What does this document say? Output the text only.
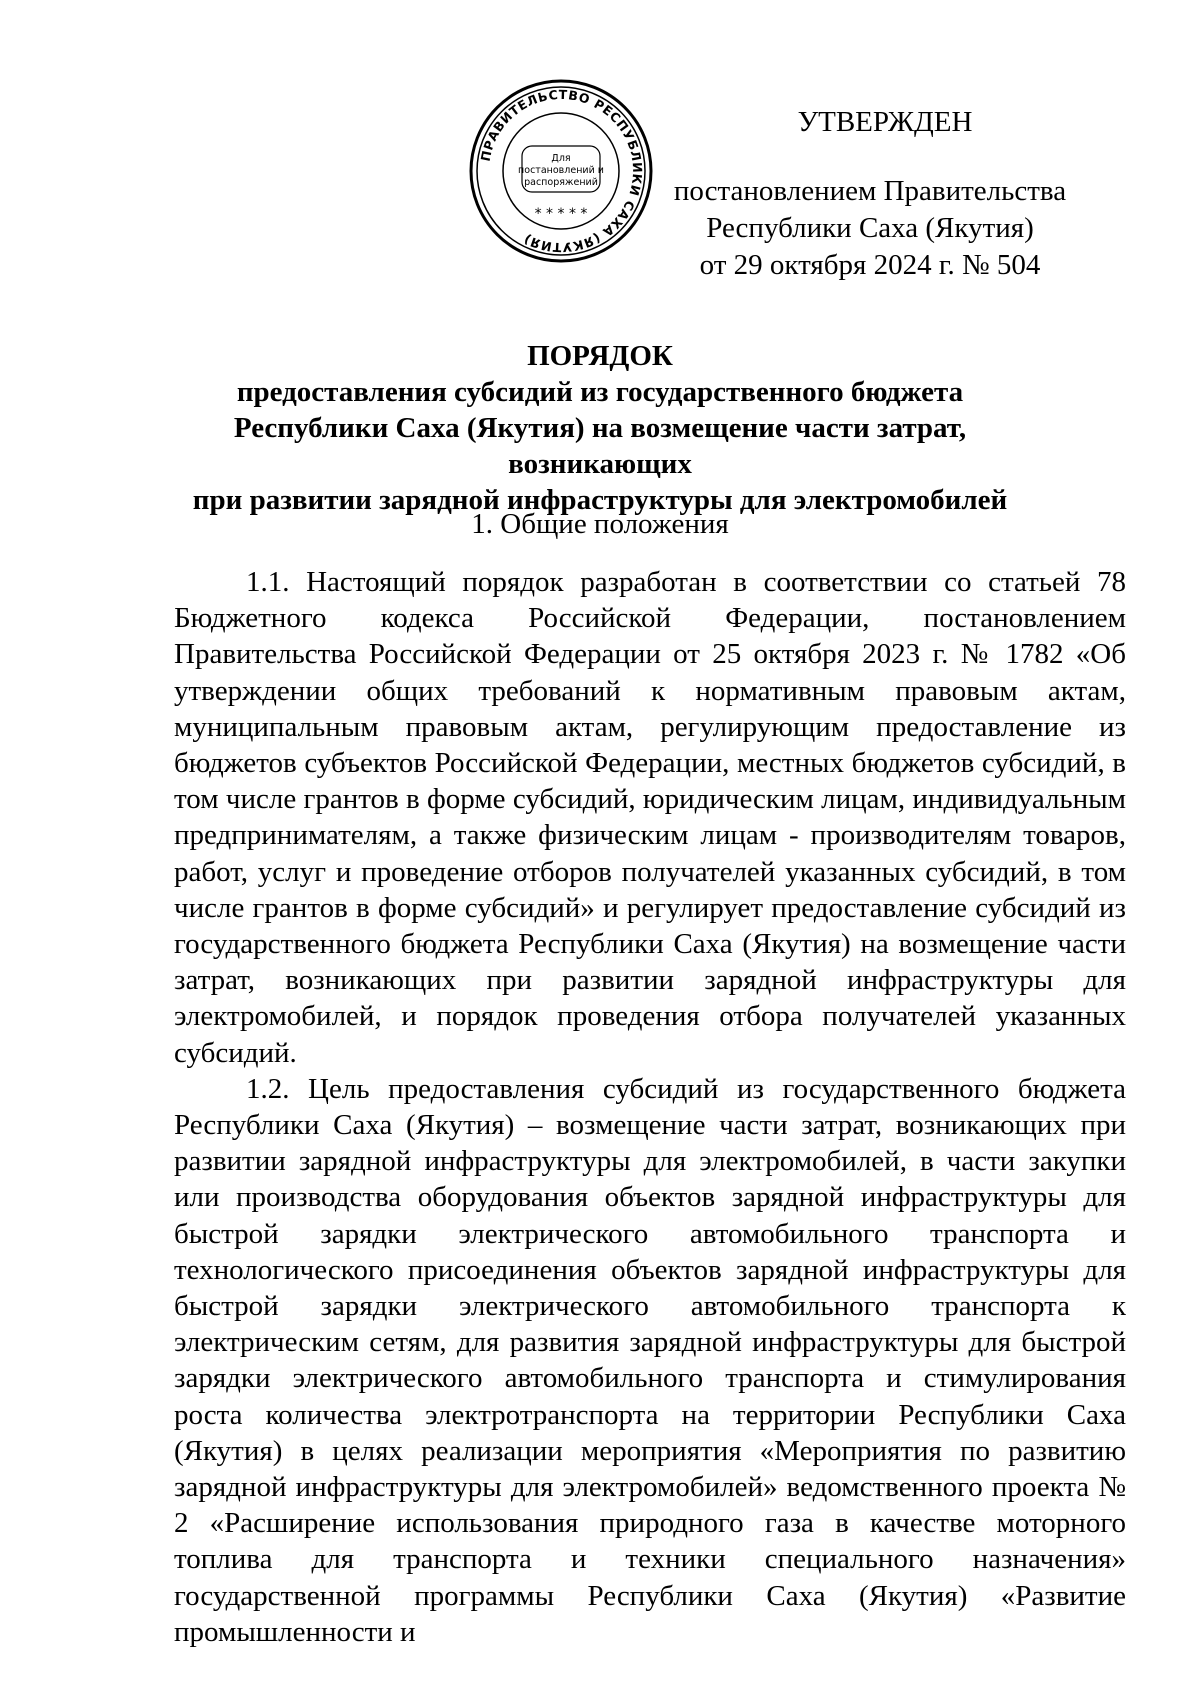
ПРАВИТЕЛЬСТВО РЕСПУБЛИКИ САХА (ЯКУТИЯ)
Для
постановлений и
распоряжений
* * * * *
УТВЕРЖДЕН
постановлением Правительства
Республики Саха (Якутия)
от 29 октября 2024 г. № 504
ПОРЯДОК
предоставления субсидий из государственного бюджета
Республики Саха (Якутия) на возмещение части затрат, возникающих
при развитии зарядной инфраструктуры для электромобилей
1. Общие положения

1.1. Настоящий порядок разработан в соответствии со статьей 78 Бюджетного кодекса Российской Федерации, постановлением Правительства Российской Федерации от 25 октября 2023 г. № 1782 «Об утверждении общих требований к нормативным правовым актам, муниципальным правовым актам, регулирующим предоставление из бюджетов субъектов Российской Федерации, местных бюджетов субсидий, в том числе грантов в форме субсидий, юридическим лицам, индивидуальным предпринимателям, а также физическим лицам - производителям товаров, работ, услуг и проведение отборов получателей указанных субсидий, в том числе грантов в форме субсидий» и регулирует предоставление субсидий из государственного бюджета Республики Саха (Якутия) на возмещение части затрат, возникающих при развитии зарядной инфраструктуры для электромобилей, и порядок проведения отбора получателей указанных субсидий.

1.2. Цель предоставления субсидий из государственного бюджета Республики Саха (Якутия) – возмещение части затрат, возникающих при развитии зарядной инфраструктуры для электромобилей, в части закупки или производства оборудования объектов зарядной инфраструктуры для быстрой зарядки электрического автомобильного транспорта и технологического присоединения объектов зарядной инфраструктуры для быстрой зарядки электрического автомобильного транспорта к электрическим сетям, для развития зарядной инфраструктуры для быстрой зарядки электрического автомобильного транспорта и стимулирования роста количества электротранспорта на территории Республики Саха (Якутия) в целях реализации мероприятия «Мероприятия по развитию зарядной инфраструктуры для электромобилей» ведомственного проекта № 2 «Расширение использования природного газа в качестве моторного топлива для транспорта и техники специального назначения» государственной программы Республики Саха (Якутия) «Развитие промышленности и
